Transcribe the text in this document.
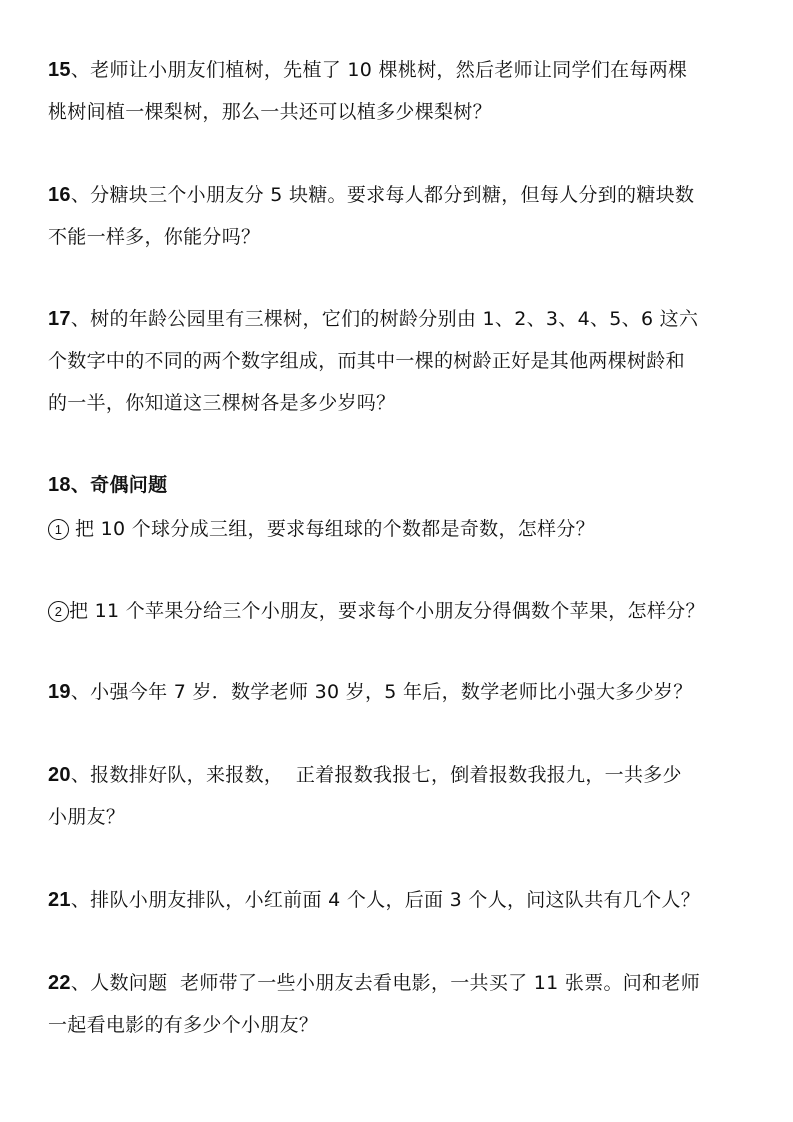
15、老师让小朋友们植树，先植了 10 棵桃树，然后老师让同学们在每两棵
桃树间植一棵梨树，那么一共还可以植多少棵梨树？
16、分糖块三个小朋友分 5 块糖。要求每人都分到糖，但每人分到的糖块数
不能一样多，你能分吗？
17、树的年龄公园里有三棵树，它们的树龄分别由 1、2、3、4、5、6 这六
个数字中的不同的两个数字组成，而其中一棵的树龄正好是其他两棵树龄和
的一半，你知道这三棵树各是多少岁吗？
18、奇偶问题
1 把 10 个球分成三组，要求每组球的个数都是奇数，怎样分？
2 把 11 个苹果分给三个小朋友，要求每个小朋友分得偶数个苹果，怎样分？
19、小强今年 7 岁．数学老师 30 岁，5 年后，数学老师比小强大多少岁？
20、报数排好队，来报数，  正着报数我报七，倒着报数我报九，一共多少
小朋友？
21、排队小朋友排队，小红前面 4 个人，后面 3 个人，问这队共有几个人？
22、人数问题  老师带了一些小朋友去看电影，一共买了 11 张票。问和老师
一起看电影的有多少个小朋友？
